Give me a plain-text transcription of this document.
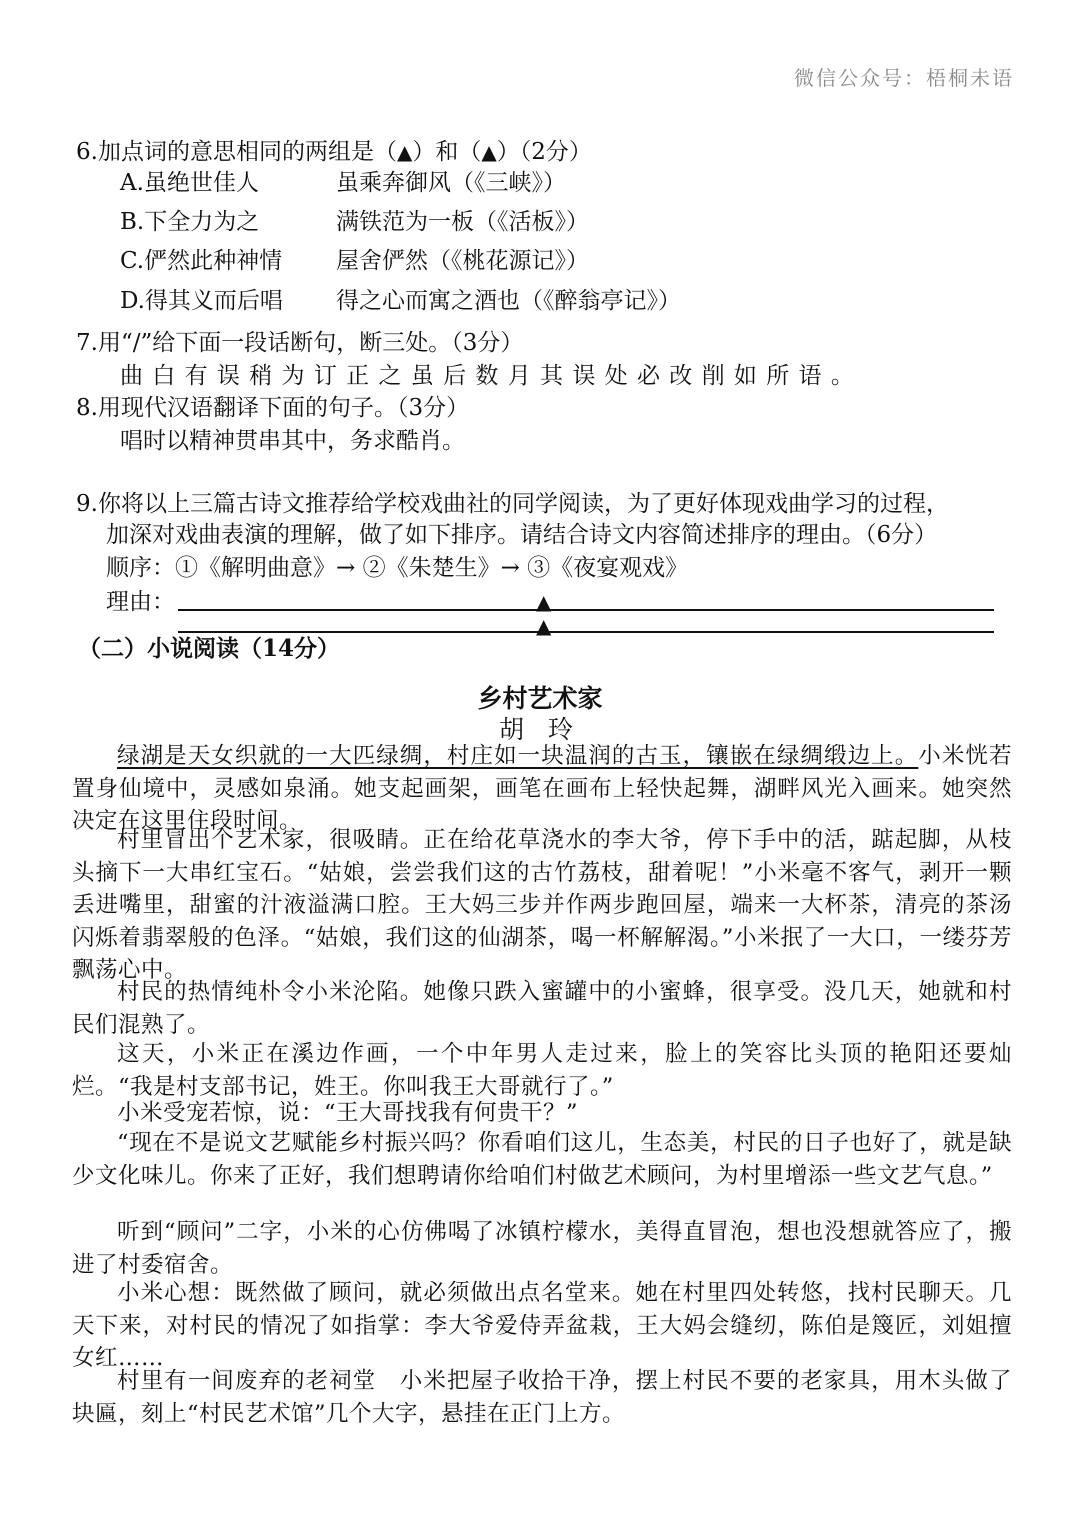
微信公众号：梧桐未语
6.加点词的意思相同的两组是（▲）和（▲）（2分）
A.虽绝世佳人	虽乘奔御风（《三峡》）
B.下全力为之	满铁范为一板（《活板》）
C.俨然此种神情 屋舍俨然（《桃花源记》）
D.得其义而后唱 得之心而寓之酒也（《醉翁亭记》）
7.用“/”给下面一段话断句，断三处。（3分）
曲 白 有 误 稍 为 订 正 之 虽 后 数 月 其 误 处 必 改 削 如 所 语 。
8.用现代汉语翻译下面的句子。（3分）
唱时以精神贯串其中，务求酷肖。
9.你将以上三篇古诗文推荐给学校戏曲社的同学阅读，为了更好体现戏曲学习的过程，
加深对戏曲表演的理解，做了如下排序。请结合诗文内容简述排序的理由。（6分）
顺序：①《解明曲意》→ ②《朱楚生》→ ③《夜宴观戏》
理由：	▲
▲
（二）小说阅读（14分）
乡村艺术家
胡 玲
绿湖是天女织就的一大匹绿绸，村庄如一块温润的古玉，镶嵌在绿绸缎边上。小米恍若置身仙境中，灵感如泉涌。她支起画架，画笔在画布上轻快起舞，湖畔风光入画来。她突然决定在这里住段时间。
村里冒出个艺术家，很吸睛。正在给花草浇水的李大爷，停下手中的活，踮起脚，从枝头摘下一大串红宝石。“姑娘，尝尝我们这的古竹荔枝，甜着呢！”小米毫不客气，剥开一颗丢进嘴里，甜蜜的汁液溢满口腔。王大妈三步并作两步跑回屋，端来一大杯茶，清亮的茶汤闪烁着翡翠般的色泽。“姑娘，我们这的仙湖茶，喝一杯解解渴。”小米抿了一大口，一缕芬芳飘荡心中。
村民的热情纯朴令小米沦陷。她像只跌入蜜罐中的小蜜蜂，很享受。没几天，她就和村民们混熟了。
这天，小米正在溪边作画，一个中年男人走过来，脸上的笑容比头顶的艳阳还要灿烂。“我是村支部书记，姓王。你叫我王大哥就行了。”
小米受宠若惊，说：“王大哥找我有何贵干？”
“现在不是说文艺赋能乡村振兴吗？你看咱们这儿，生态美，村民的日子也好了，就是缺少文化味儿。你来了正好，我们想聘请你给咱们村做艺术顾问，为村里增添一些文艺气息。”
听到“顾问”二字，小米的心仿佛喝了冰镇柠檬水，美得直冒泡，想也没想就答应了，搬进了村委宿舍。
小米心想：既然做了顾问，就必须做出点名堂来。她在村里四处转悠，找村民聊天。几天下来，对村民的情况了如指掌：李大爷爱侍弄盆栽，王大妈会缝纫，陈伯是篾匠，刘姐擅女红……
村里有一间废弃的老祠堂　小米把屋子收拾干净，摆上村民不要的老家具，用木头做了块匾，刻上“村民艺术馆”几个大字，悬挂在正门上方。
